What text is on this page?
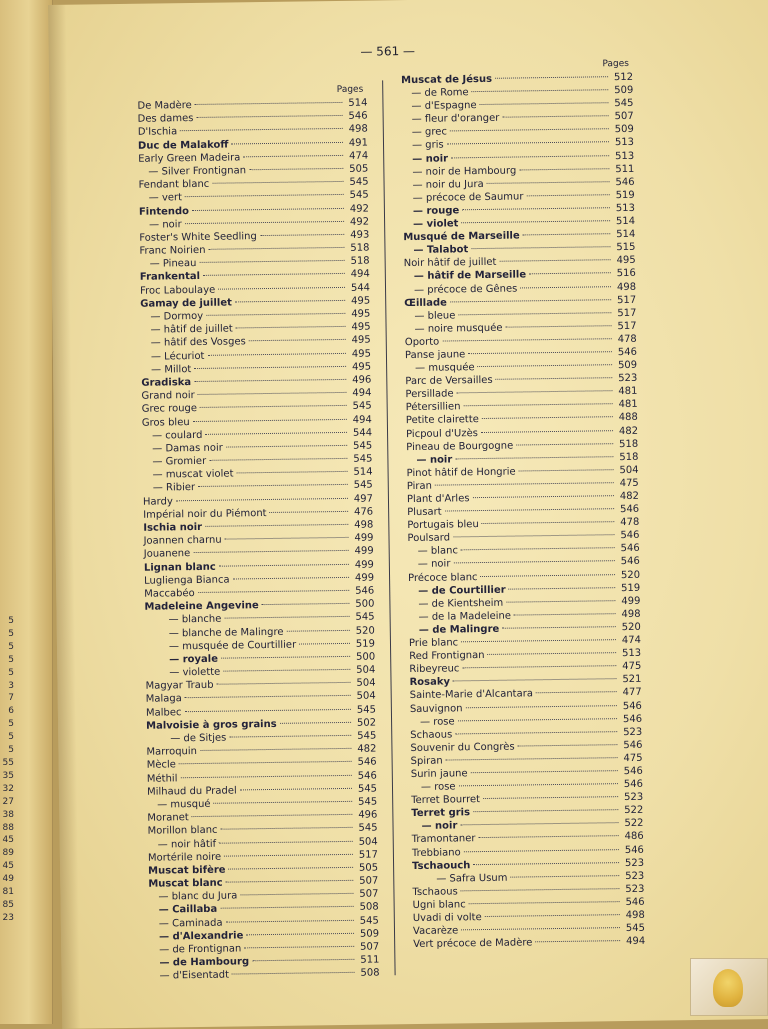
5
5
5
5
5
3
7
6
5
5
5
55
35
32
27
38
88
45
89
45
49
81
85
23
— 561 —
Pages
De Madère	514
Des dames	546
D'Ischia	498
Duc de Malakoff	491
Early Green Madeira	474
— Silver Frontignan	505
Fendant blanc	545
— vert	545
Fintendo	492
— noir	492
Foster's White Seedling	493
Franc Noirien	518
— Pineau	518
Frankental	494
Froc Laboulaye	544
Gamay de juillet	495
— Dormoy	495
— hâtif de juillet	495
— hâtif des Vosges	495
— Lécuriot	495
— Millot	495
Gradiska	496
Grand noir	494
Grec rouge	545
Gros bleu	494
— coulard	544
— Damas noir	545
— Gromier	545
— muscat violet	514
— Ribier	545
Hardy	497
Impérial noir du Piémont	476
Ischia noir	498
Joannen charnu	499
Jouanene	499
Lignan blanc	499
Luglienga Bianca	499
Maccabéo	546
Madeleine Angevine	500
— blanche	545
— blanche de Malingre	520
— musquée de Courtillier	519
— royale	500
— violette	504
Magyar Traub	504
Malaga	504
Malbec	545
Malvoisie à gros grains	502
— de Sitjes	545
Marroquin	482
Mècle	546
Méthil	546
Milhaud du Pradel	545
— musqué	545
Moranet	496
Morillon blanc	545
— noir hâtif	504
Mortérile noire	517
Muscat bifère	505
Muscat blanc	507
— blanc du Jura	507
— Caillaba	508
— Caminada	545
— d'Alexandrie	509
— de Frontignan	507
— de Hambourg	511
— d'Eisentadt	508
Pages
Muscat de Jésus	512
— de Rome	509
— d'Espagne	545
— fleur d'oranger	507
— grec	509
— gris	513
— noir	513
— noir de Hambourg	511
— noir du Jura	546
— précoce de Saumur	519
— rouge	513
— violet	514
Musqué de Marseille	514
— Talabot	515
Noir hâtif de juillet	495
— hâtif de Marseille	516
— précoce de Gênes	498
Œillade	517
— bleue	517
— noire musquée	517
Oporto	478
Panse jaune	546
— musquée	509
Parc de Versailles	523
Persillade	481
Pétersillien	481
Petite clairette	488
Picpoul d'Uzès	482
Pineau de Bourgogne	518
— noir	518
Pinot hâtif de Hongrie	504
Piran	475
Plant d'Arles	482
Plusart	546
Portugais bleu	478
Poulsard	546
— blanc	546
— noir	546
Précoce blanc	520
— de Courtillier	519
— de Kientsheim	499
— de la Madeleine	498
— de Malingre	520
Prie blanc	474
Red Frontignan	513
Ribeyreuc	475
Rosaky	521
Sainte-Marie d'Alcantara	477
Sauvignon	546
— rose	546
Schaous	523
Souvenir du Congrès	546
Spiran	475
Surin jaune	546
— rose	546
Terret Bourret	523
Terret gris	522
— noir	522
Tramontaner	486
Trebbiano	546
Tschaouch	523
— Safra Usum	523
Tschaous	523
Ugni blanc	546
Uvadi di volte	498
Vacarèze	545
Vert précoce de Madère	494
